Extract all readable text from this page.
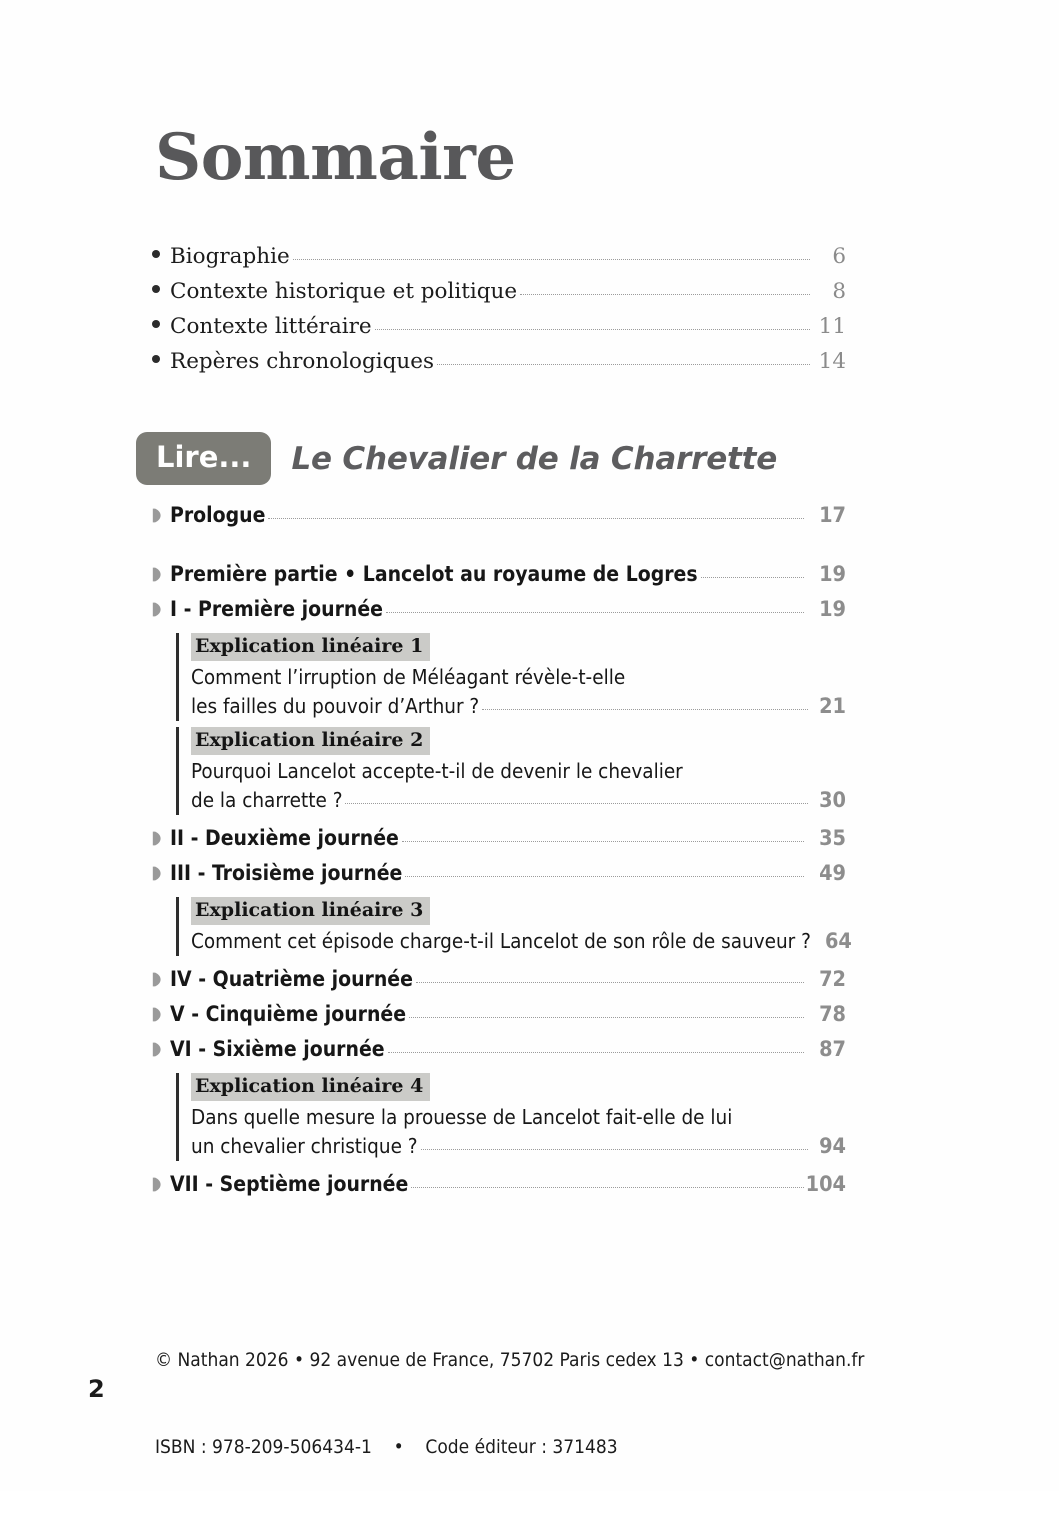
Sommaire
Biographie	6
Contexte historique et politique	8
Contexte littéraire	11
Repères chronologiques	14
Lire...	Le Chevalier de la Charrette
Prologue	17
Première partie • Lancelot au royaume de Logres	19
I - Première journée	19
Explication linéaire 1
Comment l’irruption de Méléagant révèle-t-elle
les failles du pouvoir d’Arthur ?	21
Explication linéaire 2
Pourquoi Lancelot accepte-t-il de devenir le chevalier
de la charrette ?	30
II - Deuxième journée	35
III - Troisième journée	49
Explication linéaire 3
Comment cet épisode charge-t-il Lancelot de son rôle de sauveur ? 64
IV - Quatrième journée	72
V - Cinquième journée	78
VI - Sixième journée	87
Explication linéaire 4
Dans quelle mesure la prouesse de Lancelot fait-elle de lui
un chevalier christique ?	94
VII - Septième journée	104

© Nathan 2026 • 92 avenue de France, 75702 Paris cedex 13 • contact@nathan.fr

ISBN : 978-209-506434-1    •    Code éditeur : 371483

2
